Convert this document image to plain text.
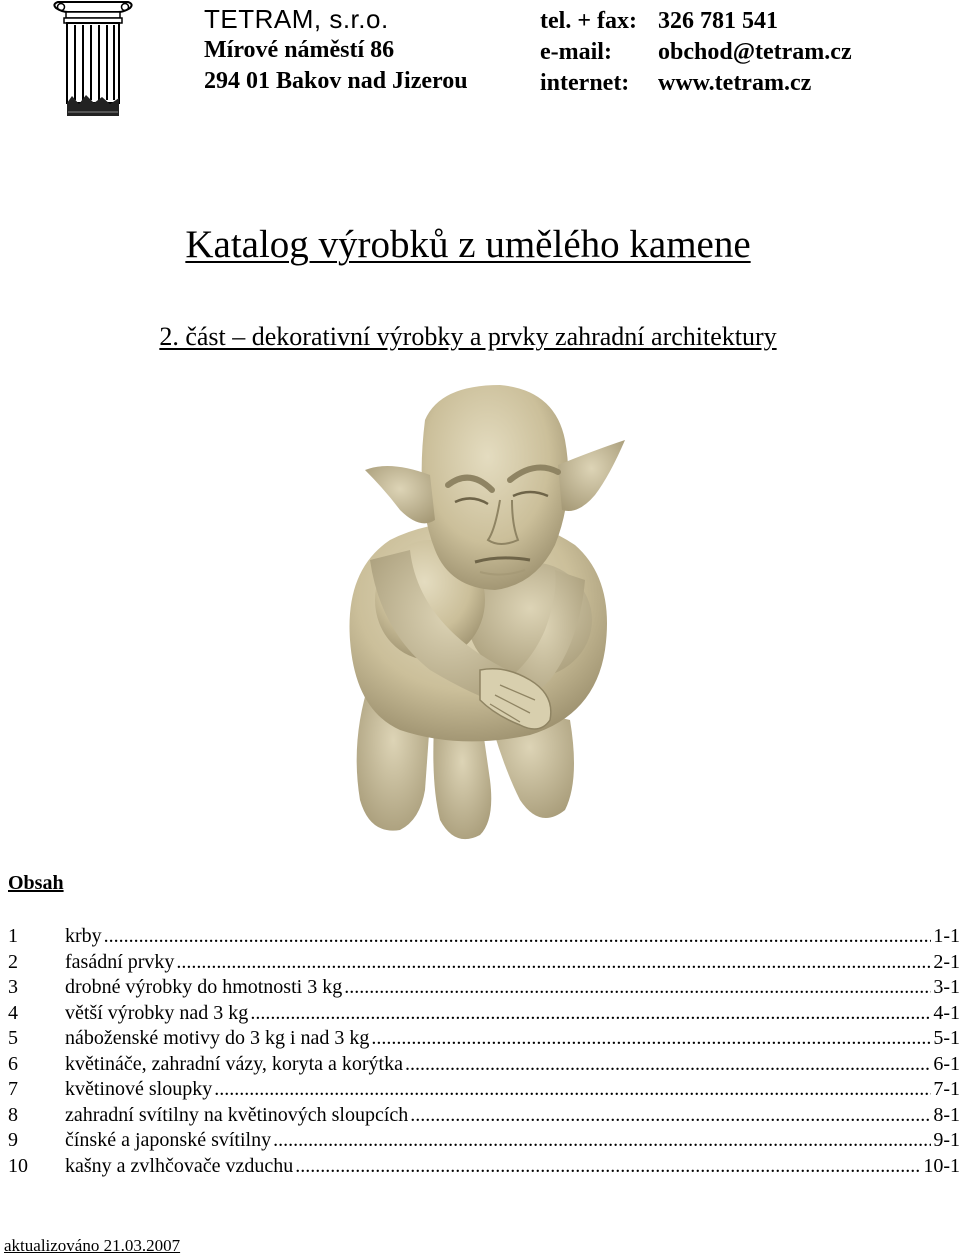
TETRAM, s.r.o.
Mírové náměstí 86
294 01 Bakov nad Jizerou
tel. + fax: 326 781 541
e-mail:	obchod@tetram.cz
internet:	www.tetram.cz
Katalog výrobků z umělého kamene
2. část – dekorativní výrobky a prvky zahradní architektury
Obsah
1	krby .....	1-1
2	fasádní prvky .....	2-1
3	drobné výrobky do hmotnosti 3 kg .....	3-1
4	větší výrobky nad 3 kg .....	4-1
5	náboženské motivy do 3 kg i nad 3 kg .....	5-1
6	květináče, zahradní vázy, koryta a korýtka .....	6-1
7	květinové sloupky .....	7-1
8	zahradní svítilny na květinových sloupcích .....	8-1
9	čínské a japonské svítilny .....	9-1
10	kašny a zvlhčovače vzduchu .....	10-1
aktualizováno 21.03.2007
